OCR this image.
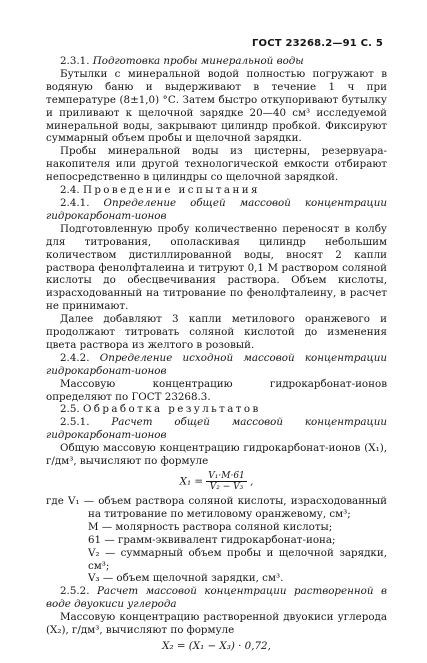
ГОСТ 23268.2—91 С. 5

2.3.1. Подготовка пробы минеральной воды

Бутылки с минеральной водой полностью погружают в водяную баню и выдерживают в течение 1 ч при температуре (8±1,0) °С. Затем быстро откупоривают бутылку и приливают к щелочной зарядке 20—40 см³ исследуемой минеральной воды, закрывают цилиндр пробкой. Фиксируют суммарный объем пробы и щелочной зарядки.

Пробы минеральной воды из цистерны, резервуара-накопителя или другой технологической емкости отбирают непосредственно в цилиндры со щелочной зарядкой.

2.4. Проведение испытания

2.4.1. Определение общей массовой концентрации гидрокарбонат-ионов

Подготовленную пробу количественно переносят в колбу для титрования, ополаскивая цилиндр небольшим количеством дистиллированной воды, вносят 2 капли раствора фенолфталеина и титруют 0,1 М раствором соляной кислоты до обесцвечивания раствора. Объем кислоты, израсходованный на титрование по фенолфталеину, в расчет не принимают.

Далее добавляют 3 капли метилового оранжевого и продолжают титровать соляной кислотой до изменения цвета раствора из желтого в розовый.

2.4.2. Определение исходной массовой концентрации гидрокарбонат-ионов

Массовую концентрацию гидрокарбонат-ионов определяют по ГОСТ 23268.3.

2.5. Обработка результатов

2.5.1. Расчет общей массовой концентрации гидрокарбонат-ионов

Общую массовую концентрацию гидрокарбонат-ионов (X₁), г/дм³, вычисляют по формуле

$X_1 = \frac{\text{V₁·M·61}}{\text{V₂ − V₃}}$ ,

где V₁ — объем раствора соляной кислоты, израсходованный на титрование по метиловому оранжевому, см³;

M — молярность раствора соляной кислоты;

61 — грамм-эквивалент гидрокарбонат-иона;

V₂ — суммарный объем пробы и щелочной зарядки, см³;

V₃ — объем щелочной зарядки, см³.

2.5.2. Расчет массовой концентрации растворенной в воде двуокиси углерода

Массовую концентрацию растворенной двуокиси углерода (X₂), г/дм³, вычисляют по формуле

X₂ = (X₁ − X₃) · 0,72,
